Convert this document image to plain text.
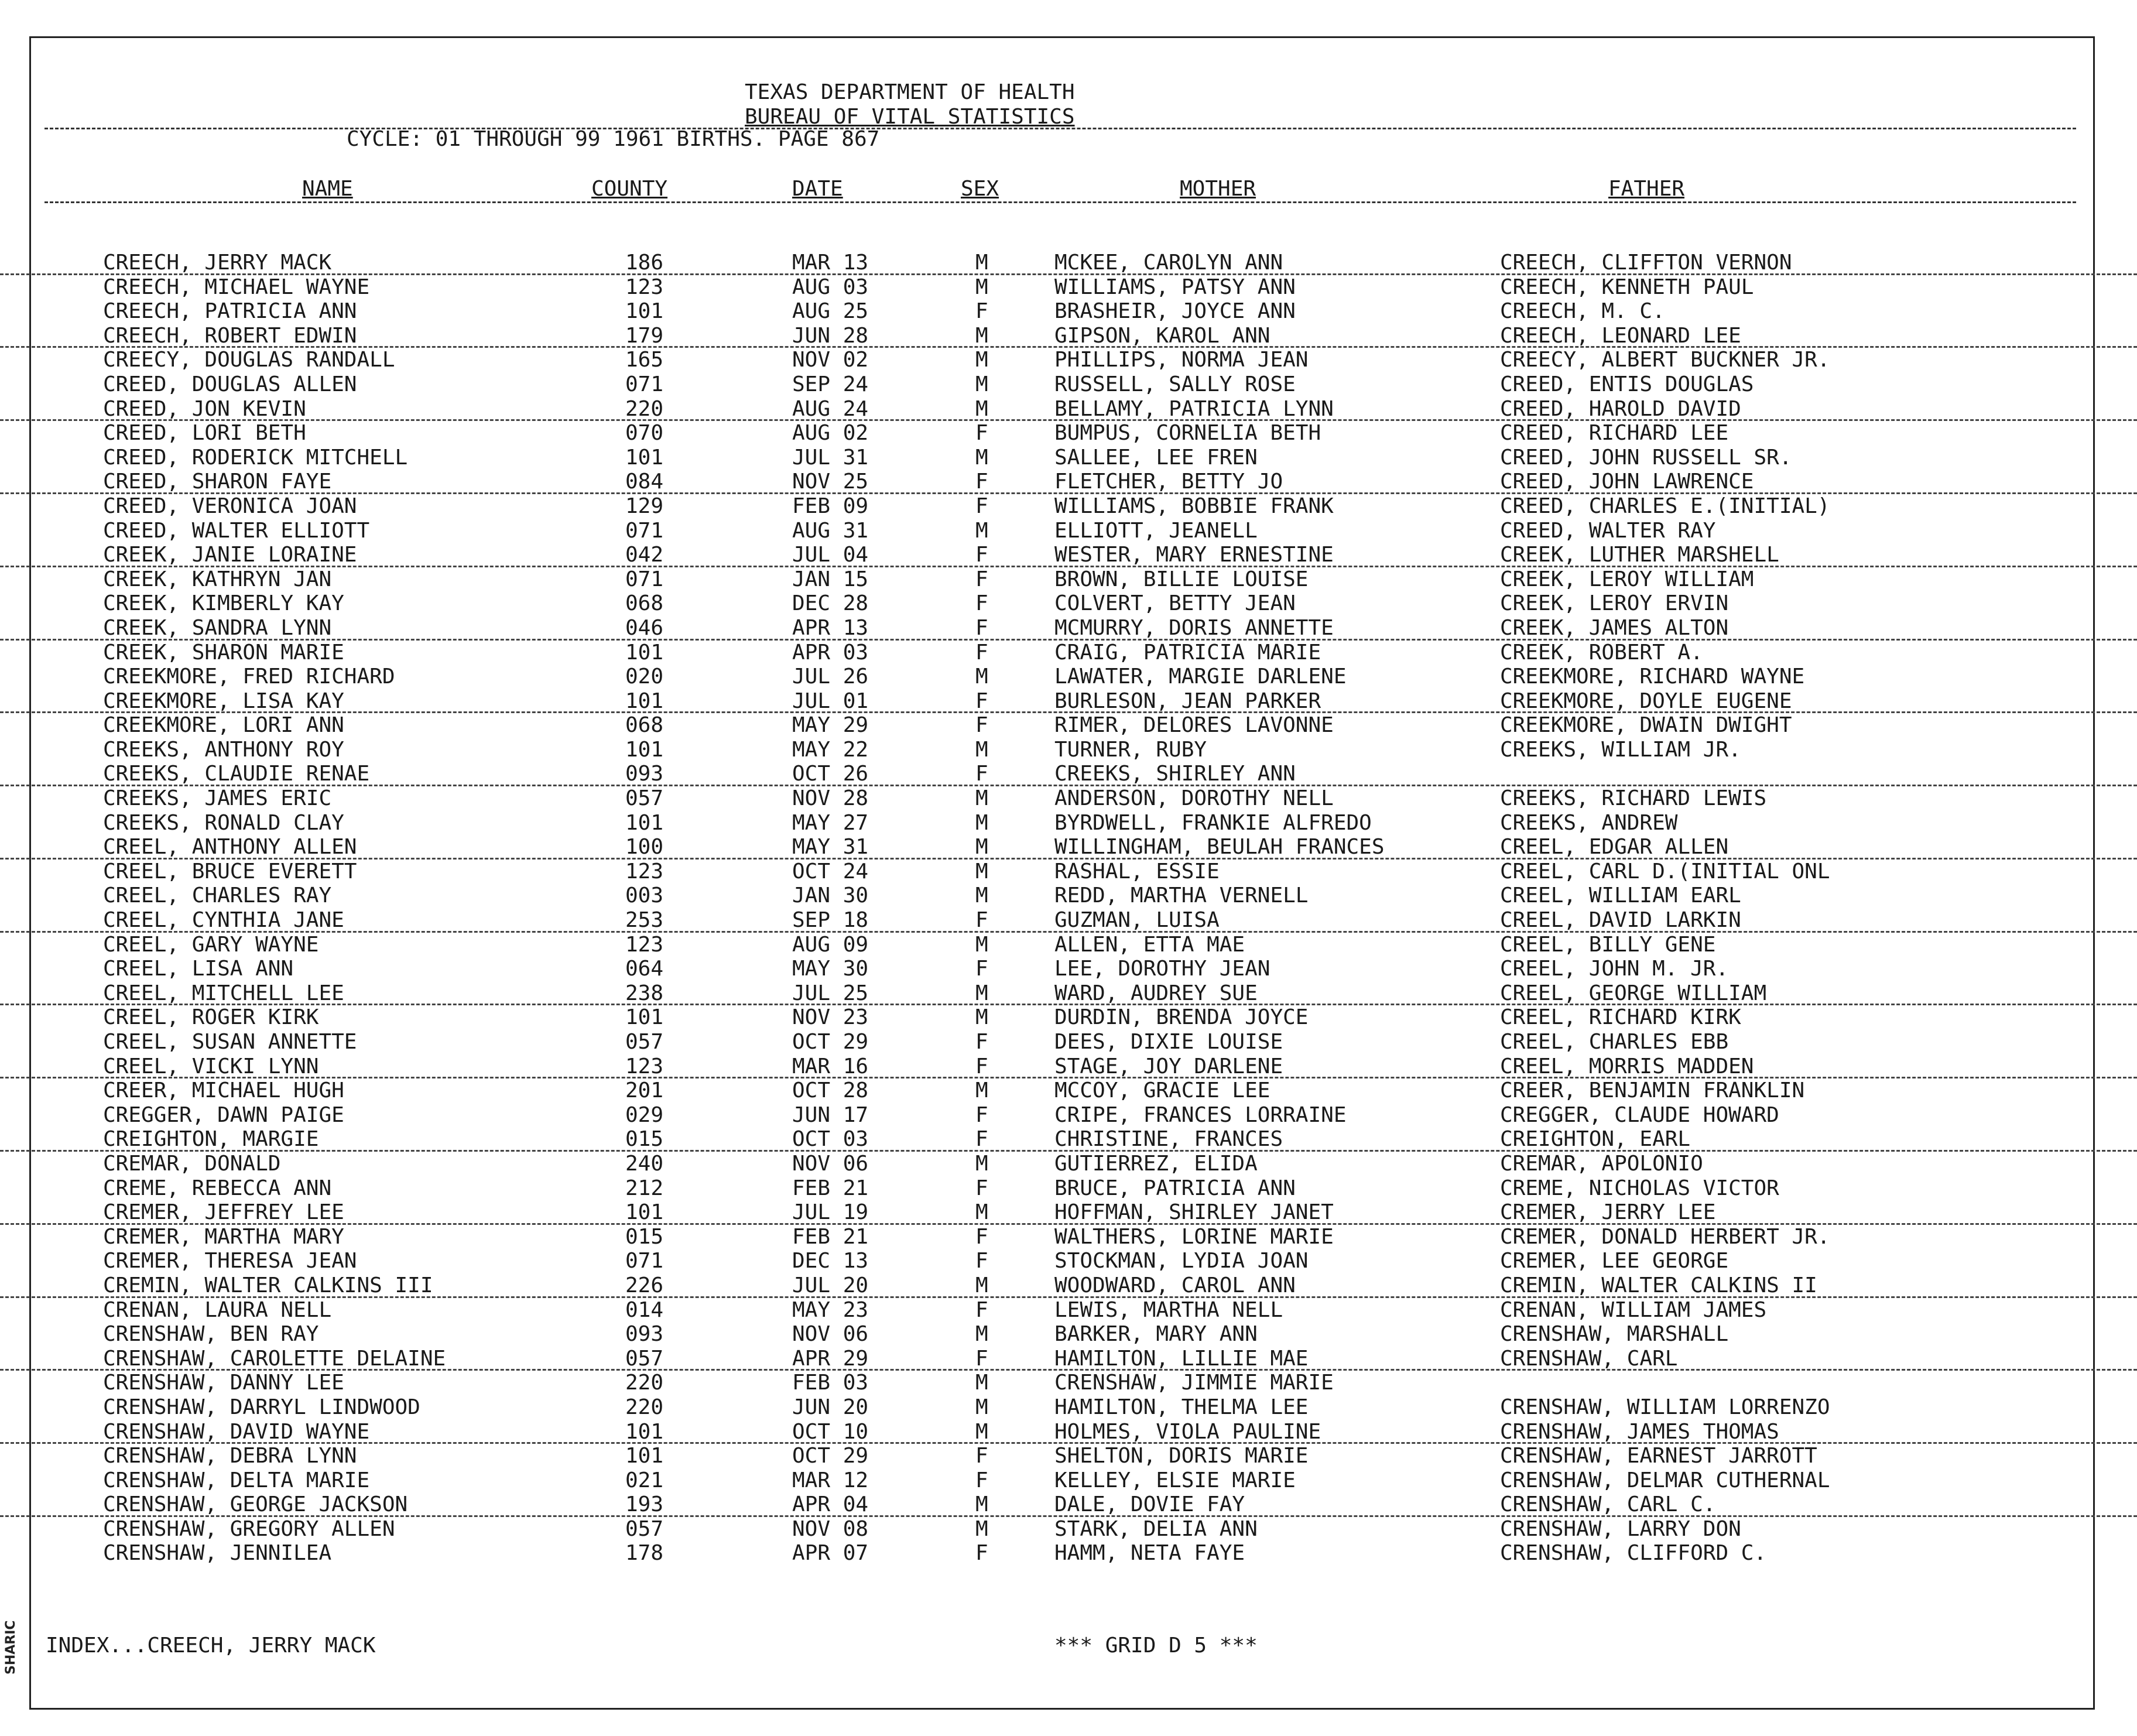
TEXAS DEPARTMENT OF HEALTH
BUREAU OF VITAL STATISTICS
CYCLE: 01 THROUGH 99 1961 BIRTHS. PAGE 867
NAME	COUNTY	DATE	SEX	MOTHER	FATHER
CREECH, JERRY MACK	186	MAR 13	M	MCKEE, CAROLYN ANN	CREECH, CLIFFTON VERNON
CREECH, MICHAEL WAYNE	123	AUG 03	M	WILLIAMS, PATSY ANN	CREECH, KENNETH PAUL
CREECH, PATRICIA ANN	101	AUG 25	F	BRASHEIR, JOYCE ANN	CREECH, M. C.
CREECH, ROBERT EDWIN	179	JUN 28	M	GIPSON, KAROL ANN	CREECH, LEONARD LEE
CREECY, DOUGLAS RANDALL	165	NOV 02	M	PHILLIPS, NORMA JEAN	CREECY, ALBERT BUCKNER JR.
CREED, DOUGLAS ALLEN	071	SEP 24	M	RUSSELL, SALLY ROSE	CREED, ENTIS DOUGLAS
CREED, JON KEVIN	220	AUG 24	M	BELLAMY, PATRICIA LYNN	CREED, HAROLD DAVID
CREED, LORI BETH	070	AUG 02	F	BUMPUS, CORNELIA BETH	CREED, RICHARD LEE
CREED, RODERICK MITCHELL	101	JUL 31	M	SALLEE, LEE FREN	CREED, JOHN RUSSELL SR.
CREED, SHARON FAYE	084	NOV 25	F	FLETCHER, BETTY JO	CREED, JOHN LAWRENCE
CREED, VERONICA JOAN	129	FEB 09	F	WILLIAMS, BOBBIE FRANK	CREED, CHARLES E.(INITIAL)
CREED, WALTER ELLIOTT	071	AUG 31	M	ELLIOTT, JEANELL	CREED, WALTER RAY
CREEK, JANIE LORAINE	042	JUL 04	F	WESTER, MARY ERNESTINE	CREEK, LUTHER MARSHELL
CREEK, KATHRYN JAN	071	JAN 15	F	BROWN, BILLIE LOUISE	CREEK, LEROY WILLIAM
CREEK, KIMBERLY KAY	068	DEC 28	F	COLVERT, BETTY JEAN	CREEK, LEROY ERVIN
CREEK, SANDRA LYNN	046	APR 13	F	MCMURRY, DORIS ANNETTE	CREEK, JAMES ALTON
CREEK, SHARON MARIE	101	APR 03	F	CRAIG, PATRICIA MARIE	CREEK, ROBERT A.
CREEKMORE, FRED RICHARD	020	JUL 26	M	LAWATER, MARGIE DARLENE	CREEKMORE, RICHARD WAYNE
CREEKMORE, LISA KAY	101	JUL 01	F	BURLESON, JEAN PARKER	CREEKMORE, DOYLE EUGENE
CREEKMORE, LORI ANN	068	MAY 29	F	RIMER, DELORES LAVONNE	CREEKMORE, DWAIN DWIGHT
CREEKS, ANTHONY ROY	101	MAY 22	M	TURNER, RUBY	CREEKS, WILLIAM JR.
CREEKS, CLAUDIE RENAE	093	OCT 26	F	CREEKS, SHIRLEY ANN
CREEKS, JAMES ERIC	057	NOV 28	M	ANDERSON, DOROTHY NELL	CREEKS, RICHARD LEWIS
CREEKS, RONALD CLAY	101	MAY 27	M	BYRDWELL, FRANKIE ALFREDO	CREEKS, ANDREW
CREEL, ANTHONY ALLEN	100	MAY 31	M	WILLINGHAM, BEULAH FRANCES	CREEL, EDGAR ALLEN
CREEL, BRUCE EVERETT	123	OCT 24	M	RASHAL, ESSIE	CREEL, CARL D.(INITIAL ONL
CREEL, CHARLES RAY	003	JAN 30	M	REDD, MARTHA VERNELL	CREEL, WILLIAM EARL
CREEL, CYNTHIA JANE	253	SEP 18	F	GUZMAN, LUISA	CREEL, DAVID LARKIN
CREEL, GARY WAYNE	123	AUG 09	M	ALLEN, ETTA MAE	CREEL, BILLY GENE
CREEL, LISA ANN	064	MAY 30	F	LEE, DOROTHY JEAN	CREEL, JOHN M. JR.
CREEL, MITCHELL LEE	238	JUL 25	M	WARD, AUDREY SUE	CREEL, GEORGE WILLIAM
CREEL, ROGER KIRK	101	NOV 23	M	DURDIN, BRENDA JOYCE	CREEL, RICHARD KIRK
CREEL, SUSAN ANNETTE	057	OCT 29	F	DEES, DIXIE LOUISE	CREEL, CHARLES EBB
CREEL, VICKI LYNN	123	MAR 16	F	STAGE, JOY DARLENE	CREEL, MORRIS MADDEN
CREER, MICHAEL HUGH	201	OCT 28	M	MCCOY, GRACIE LEE	CREER, BENJAMIN FRANKLIN
CREGGER, DAWN PAIGE	029	JUN 17	F	CRIPE, FRANCES LORRAINE	CREGGER, CLAUDE HOWARD
CREIGHTON, MARGIE	015	OCT 03	F	CHRISTINE, FRANCES	CREIGHTON, EARL
CREMAR, DONALD	240	NOV 06	M	GUTIERREZ, ELIDA	CREMAR, APOLONIO
CREME, REBECCA ANN	212	FEB 21	F	BRUCE, PATRICIA ANN	CREME, NICHOLAS VICTOR
CREMER, JEFFREY LEE	101	JUL 19	M	HOFFMAN, SHIRLEY JANET	CREMER, JERRY LEE
CREMER, MARTHA MARY	015	FEB 21	F	WALTHERS, LORINE MARIE	CREMER, DONALD HERBERT JR.
CREMER, THERESA JEAN	071	DEC 13	F	STOCKMAN, LYDIA JOAN	CREMER, LEE GEORGE
CREMIN, WALTER CALKINS III	226	JUL 20	M	WOODWARD, CAROL ANN	CREMIN, WALTER CALKINS II
CRENAN, LAURA NELL	014	MAY 23	F	LEWIS, MARTHA NELL	CRENAN, WILLIAM JAMES
CRENSHAW, BEN RAY	093	NOV 06	M	BARKER, MARY ANN	CRENSHAW, MARSHALL
CRENSHAW, CAROLETTE DELAINE	057	APR 29	F	HAMILTON, LILLIE MAE	CRENSHAW, CARL
CRENSHAW, DANNY LEE	220	FEB 03	M	CRENSHAW, JIMMIE MARIE
CRENSHAW, DARRYL LINDWOOD	220	JUN 20	M	HAMILTON, THELMA LEE	CRENSHAW, WILLIAM LORRENZO
CRENSHAW, DAVID WAYNE	101	OCT 10	M	HOLMES, VIOLA PAULINE	CRENSHAW, JAMES THOMAS
CRENSHAW, DEBRA LYNN	101	OCT 29	F	SHELTON, DORIS MARIE	CRENSHAW, EARNEST JARROTT
CRENSHAW, DELTA MARIE	021	MAR 12	F	KELLEY, ELSIE MARIE	CRENSHAW, DELMAR CUTHERNAL
CRENSHAW, GEORGE JACKSON	193	APR 04	M	DALE, DOVIE FAY	CRENSHAW, CARL C.
CRENSHAW, GREGORY ALLEN	057	NOV 08	M	STARK, DELIA ANN	CRENSHAW, LARRY DON
CRENSHAW, JENNILEA	178	APR 07	F	HAMM, NETA FAYE	CRENSHAW, CLIFFORD C.
INDEX...CREECH, JERRY MACK	*** GRID D 5 ***
SHARIC
